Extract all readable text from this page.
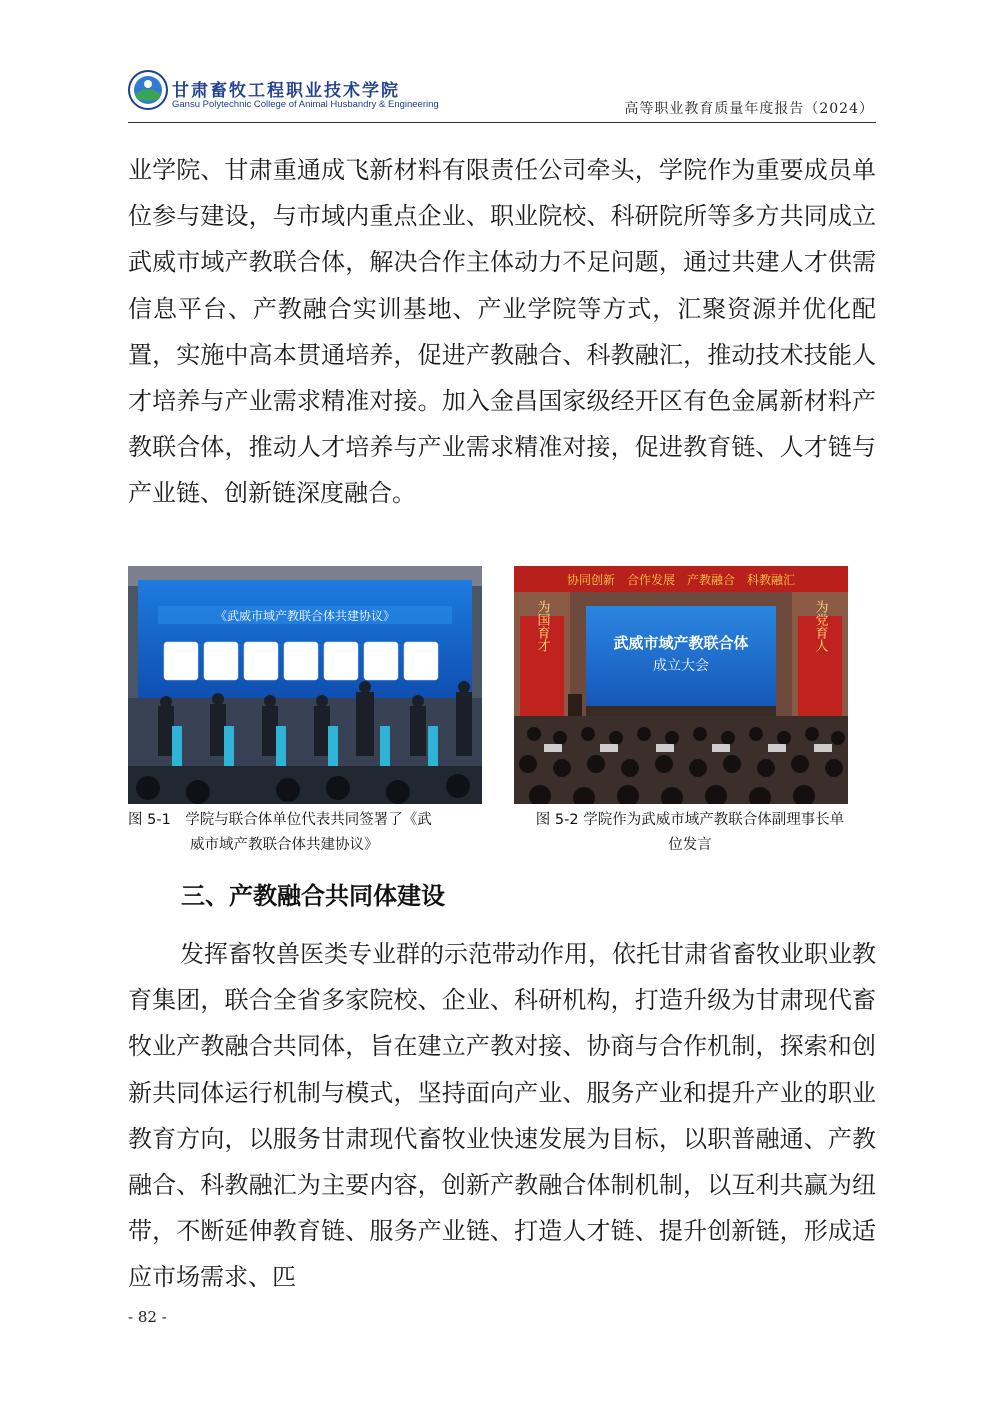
甘肃畜牧工程职业技术学院
Gansu Polytechnic College of Animal Husbandry & Engineering	高等职业教育质量年度报告（2024）

业学院、甘肃重通成飞新材料有限责任公司牵头，学院作为重要成员单位参与建设，与市域内重点企业、职业院校、科研院所等多方共同成立武威市域产教联合体，解决合作主体动力不足问题，通过共建人才供需信息平台、产教融合实训基地、产业学院等方式，汇聚资源并优化配置，实施中高本贯通培养，促进产教融合、科教融汇，推动技术技能人才培养与产业需求精准对接。加入金昌国家级经开区有色金属新材料产教联合体，推动人才培养与产业需求精准对接，促进教育链、人才链与产业链、创新链深度融合。

《武威市域产教联合体共建协议》
协同创新　合作发展　产教融合　科教融汇
为国育才	为党育人
武威市域产教联合体
成立大会
图 5-1　学院与联合体单位代表共同签署了《武
威市域产教联合体共建协议》
图 5-2 学院作为武威市域产教联合体副理事长单
位发言
三、产教融合共同体建设

发挥畜牧兽医类专业群的示范带动作用，依托甘肃省畜牧业职业教育集团，联合全省多家院校、企业、科研机构，打造升级为甘肃现代畜牧业产教融合共同体，旨在建立产教对接、协商与合作机制，探索和创新共同体运行机制与模式，坚持面向产业、服务产业和提升产业的职业教育方向，以服务甘肃现代畜牧业快速发展为目标，以职普融通、产教融合、科教融汇为主要内容，创新产教融合体制机制，以互利共赢为纽带，不断延伸教育链、服务产业链、打造人才链、提升创新链，形成适应市场需求、匹

- 82 -
